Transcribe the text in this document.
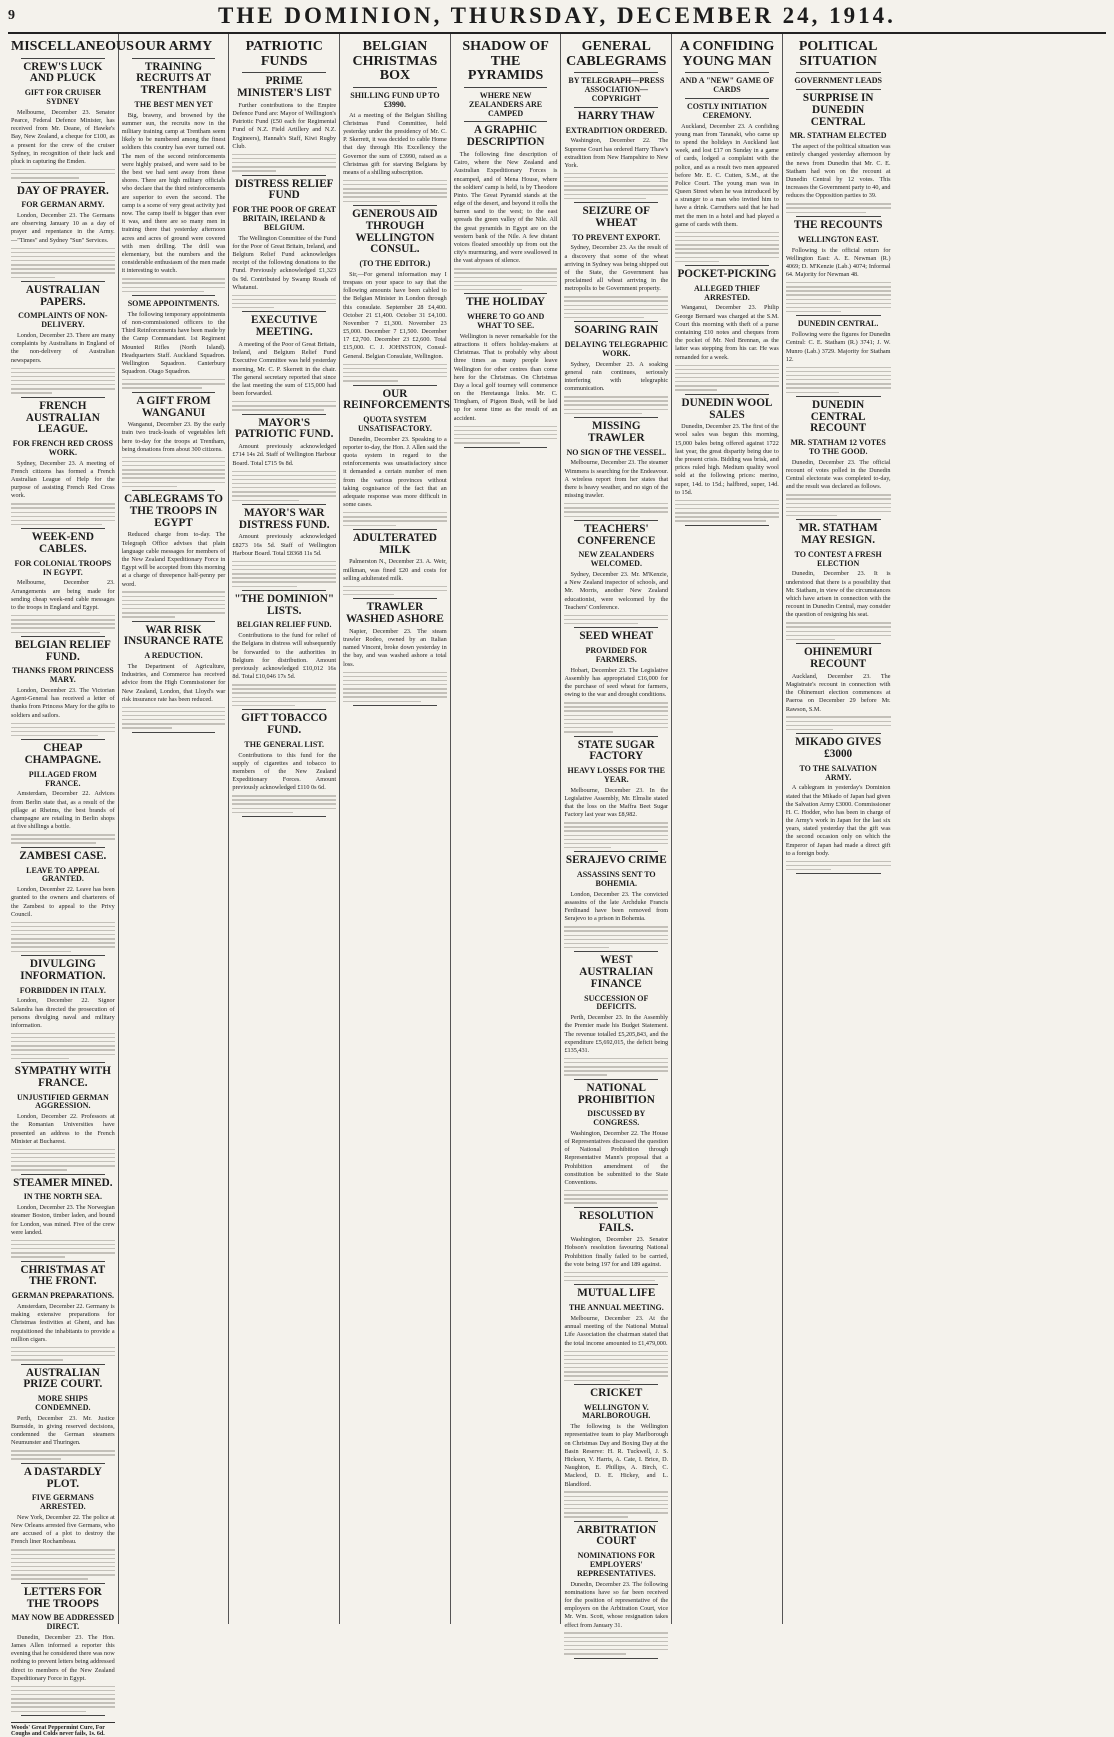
9	THE DOMINION, THURSDAY, DECEMBER 24, 1914.
MISCELLANEOUS
CREW'S LUCK AND PLUCK
GIFT FOR CRUISER SYDNEY

Melbourne, December 23. Senator Pearce, Federal Defence Minister, has received from Mr. Deane, of Hawke's Bay, New Zealand, a cheque for £100, as a present for the crew of the cruiser Sydney, in recognition of their luck and pluck in capturing the Emden.

DAY OF PRAYER.
FOR GERMAN ARMY.

London, December 23. The Germans are observing January 10 as a day of prayer and repentance in the Army.—"Times" and Sydney "Sun" Services.

AUSTRALIAN PAPERS.
COMPLAINTS OF NON-DELIVERY.

London, December 23. There are many complaints by Australians in England of the non-delivery of Australian newspapers.

FRENCH AUSTRALIAN LEAGUE.
FOR FRENCH RED CROSS WORK.

Sydney, December 23. A meeting of French citizens has formed a French Australian League of Help for the purpose of assisting French Red Cross work.

WEEK-END CABLES.
FOR COLONIAL TROOPS IN EGYPT.

Melbourne, December 23. Arrangements are being made for sending cheap week-end cable messages to the troops in England and Egypt.

BELGIAN RELIEF FUND.
THANKS FROM PRINCESS MARY.

London, December 23. The Victorian Agent-General has received a letter of thanks from Princess Mary for the gifts to soldiers and sailors.

CHEAP CHAMPAGNE.
PILLAGED FROM FRANCE.

Amsterdam, December 22. Advices from Berlin state that, as a result of the pillage at Rheims, the best brands of champagne are retailing in Berlin shops at five shillings a bottle.

ZAMBESI CASE.
LEAVE TO APPEAL GRANTED.

London, December 22. Leave has been granted to the owners and charterers of the Zambesi to appeal to the Privy Council.

DIVULGING INFORMATION.
FORBIDDEN IN ITALY.

London, December 22. Signor Salandra has directed the prosecution of persons divulging naval and military information.

SYMPATHY WITH FRANCE.
UNJUSTIFIED GERMAN AGGRESSION.

London, December 22. Professors at the Romanian Universities have presented an address to the French Minister at Bucharest.

STEAMER MINED.
IN THE NORTH SEA.

London, December 23. The Norwegian steamer Boston, timber laden, and bound for London, was mined. Five of the crew were landed.

CHRISTMAS AT THE FRONT.
GERMAN PREPARATIONS.

Amsterdam, December 22. Germany is making extensive preparations for Christmas festivities at Ghent, and has requisitioned the inhabitants to provide a million cigars.

AUSTRALIAN PRIZE COURT.
MORE SHIPS CONDEMNED.

Perth, December 23. Mr. Justice Burnside, in giving reserved decisions, condemned the German steamers Neumunster and Thuringen.

A DASTARDLY PLOT.
FIVE GERMANS ARRESTED.

New York, December 22. The police at New Orleans arrested five Germans, who are accused of a plot to destroy the French liner Rochambeau.

LETTERS FOR THE TROOPS
MAY NOW BE ADDRESSED DIRECT.

Dunedin, December 23. The Hon. James Allen informed a reporter this evening that he considered there was now nothing to prevent letters being addressed direct to members of the New Zealand Expeditionary Force in Egypt.

Woods' Great Peppermint Cure, For Coughs and Colds never fails, 1s. 6d.
OUR ARMY
TRAINING RECRUITS AT TRENTHAM
THE BEST MEN YET

Big, brawny, and browned by the summer sun, the recruits now in the military training camp at Trentham seem likely to be numbered among the finest soldiers this country has ever turned out. The men of the second reinforcements were highly praised, and were said to be the best we had sent away from these shores. There are high military officials who declare that the third reinforcements are superior to even the second. The camp is a scene of very great activity just now. The camp itself is bigger than ever it was, and there are so many men in training there that yesterday afternoon acres and acres of ground were covered with men drilling. The drill was elementary, but the numbers and the considerable enthusiasm of the men made it interesting to watch.

SOME APPOINTMENTS.

The following temporary appointments of non-commissioned officers to the Third Reinforcements have been made by the Camp Commandant. 1st Regiment Mounted Rifles (North Island). Headquarters Staff. Auckland Squadron. Wellington Squadron. Canterbury Squadron. Otago Squadron.

A GIFT FROM WANGANUI

Wanganui, December 23. By the early train two truck-loads of vegetables left here to-day for the troops at Trentham, being donations from about 300 citizens.

CABLEGRAMS TO THE TROOPS IN EGYPT

Reduced charge from to-day. The Telegraph Office advises that plain language cable messages for members of the New Zealand Expeditionary Force in Egypt will be accepted from this morning at a charge of threepence half-penny per word.

WAR RISK INSURANCE RATE
A REDUCTION.

The Department of Agriculture, Industries, and Commerce has received advice from the High Commissioner for New Zealand, London, that Lloyd's war risk insurance rate has been reduced.

PATRIOTIC FUNDS
PRIME MINISTER'S LIST

Further contributions to the Empire Defence Fund are: Mayor of Wellington's Patriotic Fund (£50 each for Regimental Fund of N.Z. Field Artillery and N.Z. Engineers), Hannah's Staff, Kiwi Rugby Club.

DISTRESS RELIEF FUND
FOR THE POOR OF GREAT BRITAIN, IRELAND & BELGIUM.

The Wellington Committee of the Fund for the Poor of Great Britain, Ireland, and Belgium Relief Fund acknowledges receipt of the following donations to the Fund. Previously acknowledged £1,323 0s 9d. Contributed by Swamp Roads of Whatanui.

EXECUTIVE MEETING.

A meeting of the Poor of Great Britain, Ireland, and Belgium Relief Fund Executive Committee was held yesterday morning, Mr. C. P. Skerrett in the chair. The general secretary reported that since the last meeting the sum of £15,000 had been forwarded.

MAYOR'S PATRIOTIC FUND.

Amount previously acknowledged £714 14s 2d. Staff of Wellington Harbour Board. Total £715 9s 8d.

MAYOR'S WAR DISTRESS FUND.

Amount previously acknowledged £8273 16s 5d. Staff of Wellington Harbour Board. Total £8368 11s 5d.

"THE DOMINION" LISTS.
BELGIAN RELIEF FUND.

Contributions to the fund for relief of the Belgians in distress will subsequently be forwarded to the authorities in Belgium for distribution. Amount previously acknowledged £10,012 16s 8d. Total £10,046 17s 5d.

GIFT TOBACCO FUND.
THE GENERAL LIST.

Contributions to this fund for the supply of cigarettes and tobacco to members of the New Zealand Expeditionary Forces. Amount previously acknowledged £110 0s 6d.

BELGIAN CHRISTMAS BOX
SHILLING FUND UP TO £3990.

At a meeting of the Belgian Shilling Christmas Fund Committee, held yesterday under the presidency of Mr. C. P. Skerrett, it was decided to cable Home that day through His Excellency the Governor the sum of £3990, raised as a Christmas gift for starving Belgians by means of a shilling subscription.

GENEROUS AID THROUGH WELLINGTON CONSUL.
(TO THE EDITOR.)

Sir,—For general information may I trespass on your space to say that the following amounts have been cabled to the Belgian Minister in London through this consulate. September 28 £4,400. October 21 £1,400. October 31 £4,100. November 7 £1,300. November 23 £5,000. December 7 £1,500. December 17 £2,700. December 23 £2,600. Total £15,000. C. J. JOHNSTON, Consul-General. Belgian Consulate, Wellington.

OUR REINFORCEMENTS
QUOTA SYSTEM UNSATISFACTORY.

Dunedin, December 23. Speaking to a reporter to-day, the Hon. J. Allen said the quota system in regard to the reinforcements was unsatisfactory since it demanded a certain number of men from the various provinces without taking cognisance of the fact that an adequate response was more difficult in some cases.

ADULTERATED MILK

Palmerston N., December 23. A. Weir, milkman, was fined £20 and costs for selling adulterated milk.

TRAWLER WASHED ASHORE

Napier, December 23. The steam trawler Rodeo, owned by an Italian named Vincent, broke down yesterday in the bay, and was washed ashore a total loss.

SHADOW OF THE PYRAMIDS
WHERE NEW ZEALANDERS ARE CAMPED
A GRAPHIC DESCRIPTION

The following fine description of Cairo, where the New Zealand and Australian Expeditionary Forces is encamped, and of Mena House, where the soldiers' camp is held, is by Theodore Pinto. The Great Pyramid stands at the edge of the desert, and beyond it rolls the barren sand to the west; to the east spreads the green valley of the Nile. All the great pyramids in Egypt are on the western bank of the Nile. A few distant voices floated smoothly up from out the city's murmuring, and were swallowed in the vast abysses of silence.

THE HOLIDAY
WHERE TO GO AND WHAT TO SEE.

Wellington is never remarkable for the attractions it offers holiday-makers at Christmas. That is probably why about three times as many people leave Wellington for other centres than come here for the Christmas. On Christmas Day a local golf tourney will commence on the Heretaunga links. Mr. C. Tringham, of Pigeon Bush, will be laid up for some time as the result of an accident.

GENERAL CABLEGRAMS
BY TELEGRAPH—PRESS ASSOCIATION—COPYRIGHT
HARRY THAW
EXTRADITION ORDERED.

Washington, December 22. The Supreme Court has ordered Harry Thaw's extradition from New Hampshire to New York.

SEIZURE OF WHEAT
TO PREVENT EXPORT.

Sydney, December 23. As the result of a discovery that some of the wheat arriving in Sydney was being shipped out of the State, the Government has proclaimed all wheat arriving in the metropolis to be Government property.

SOARING RAIN
DELAYING TELEGRAPHIC WORK.

Sydney, December 23. A soaking general rain continues, seriously interfering with telegraphic communication.

MISSING TRAWLER
NO SIGN OF THE VESSEL.

Melbourne, December 23. The steamer Wimmera is searching for the Endeavour. A wireless report from her states that there is heavy weather, and no sign of the missing trawler.

TEACHERS' CONFERENCE
NEW ZEALANDERS WELCOMED.

Sydney, December 23. Mr. M'Kenzie, a New Zealand inspector of schools, and Mr. Morris, another New Zealand educationist, were welcomed by the Teachers' Conference.

SEED WHEAT
PROVIDED FOR FARMERS.

Hobart, December 23. The Legislative Assembly has appropriated £16,000 for the purchase of seed wheat for farmers, owing to the war and drought conditions.

STATE SUGAR FACTORY
HEAVY LOSSES FOR THE YEAR.

Melbourne, December 23. In the Legislative Assembly, Mr. Elmslie stated that the loss on the Maffra Beet Sugar Factory last year was £8,982.

SERAJEVO CRIME
ASSASSINS SENT TO BOHEMIA.

London, December 23. The convicted assassins of the late Archduke Francis Ferdinand have been removed from Serajevo to a prison in Bohemia.

WEST AUSTRALIAN FINANCE
SUCCESSION OF DEFICITS.

Perth, December 23. In the Assembly the Premier made his Budget Statement. The revenue totalled £5,205,843, and the expenditure £5,692,015, the deficit being £135,431.

NATIONAL PROHIBITION
DISCUSSED BY CONGRESS.

Washington, December 22. The House of Representatives discussed the question of National Prohibition through Representative Mann's proposal that a Prohibition amendment of the constitution be submitted to the State Conventions.

RESOLUTION FAILS.

Washington, December 23. Senator Hobson's resolution favouring National Prohibition finally failed to be carried, the vote being 197 for and 189 against.

MUTUAL LIFE
THE ANNUAL MEETING.

Melbourne, December 23. At the annual meeting of the National Mutual Life Association the chairman stated that the total income amounted to £1,479,000.

CRICKET
WELLINGTON V. MARLBOROUGH.

The following is the Wellington representative team to play Marlborough on Christmas Day and Boxing Day at the Basin Reserve: H. R. Tuckwell, J. S. Hickson, V. Harris, A. Cate, I. Brice, D. Naughton, E. Phillips, A. Birch, C. Macleod, D. E. Hickey, and L. Blandford.

ARBITRATION COURT
NOMINATIONS FOR EMPLOYERS' REPRESENTATIVES.

Dunedin, December 23. The following nominations have so far been received for the position of representative of the employers on the Arbitration Court, vice Mr. Wm. Scott, whose resignation takes effect from January 31.

A CONFIDING YOUNG MAN
AND A "NEW" GAME OF CARDS
COSTLY INITIATION CEREMONY.

Auckland, December 23. A confiding young man from Taranaki, who came up to spend the holidays in Auckland last week, and lost £17 on Sunday in a game of cards, lodged a complaint with the police, and as a result two men appeared before Mr. E. C. Cutten, S.M., at the Police Court. The young man was in Queen Street when he was introduced by a stranger to a man who invited him to have a drink. Carruthers said that he had met the men in a hotel and had played a game of cards with them.

POCKET-PICKING
ALLEGED THIEF ARRESTED.

Wanganui, December 23. Philip George Bernard was charged at the S.M. Court this morning with theft of a purse containing £10 notes and cheques from the pocket of Mr. Ned Brennan, as the latter was stepping from his car. He was remanded for a week.

DUNEDIN WOOL SALES

Dunedin, December 23. The first of the wool sales was begun this morning, 15,000 bales being offered against 1722 last year, the great disparity being due to the present crisis. Bidding was brisk, and prices ruled high. Medium quality wool sold at the following prices: merino, super, 14d. to 15d.; halfbred, super, 14d. to 15d.

POLITICAL SITUATION
GOVERNMENT LEADS
SURPRISE IN DUNEDIN CENTRAL
MR. STATHAM ELECTED

The aspect of the political situation was entirely changed yesterday afternoon by the news from Dunedin that Mr. C. E. Statham had won on the recount at Dunedin Central by 12 votes. This increases the Government party to 40, and reduces the Opposition parties to 39.

THE RECOUNTS
WELLINGTON EAST.

Following is the official return for Wellington East: A. E. Newman (R.) 4069; D. M'Kenzie (Lab.) 4074; Informal 64. Majority for Newman 48.

DUNEDIN CENTRAL.

Following were the figures for Dunedin Central: C. E. Statham (R.) 3741; J. W. Munro (Lab.) 3729. Majority for Statham 12.

DUNEDIN CENTRAL RECOUNT
MR. STATHAM 12 VOTES TO THE GOOD.

Dunedin, December 23. The official recount of votes polled in the Dunedin Central electorate was completed to-day, and the result was declared as follows.

MR. STATHAM MAY RESIGN.
TO CONTEST A FRESH ELECTION

Dunedin, December 23. It is understood that there is a possibility that Mr. Statham, in view of the circumstances which have arisen in connection with the recount in Dunedin Central, may consider the question of resigning his seat.

OHINEMURI RECOUNT

Auckland, December 23. The Magistrate's recount in connection with the Ohinemuri election commences at Paeroa on December 29 before Mr. Rawson, S.M.

MIKADO GIVES £3000
TO THE SALVATION ARMY.

A cablegram in yesterday's Dominion stated that the Mikado of Japan had given the Salvation Army £3000. Commissioner H. C. Hodder, who has been in charge of the Army's work in Japan for the last six years, stated yesterday that the gift was the second occasion only on which the Emperor of Japan had made a direct gift to a foreign body.
